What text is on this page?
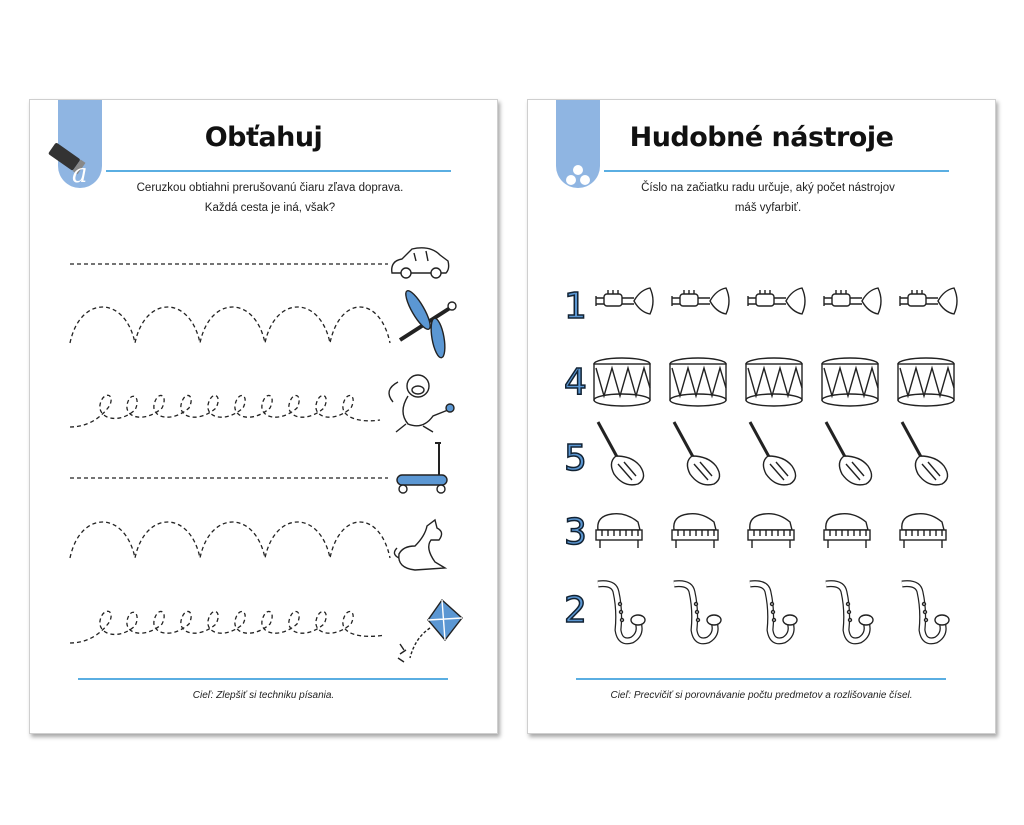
a
Obťahuj
Ceruzkou obtiahni prerušovanú čiaru zľava doprava.
Každá cesta je iná, však?
Cieľ: Zlepšiť si techniku písania.
Hudobné nástroje
Číslo na začiatku radu určuje, aký počet nástrojov
máš vyfarbiť.
1
4
5
3
2
Cieľ: Precvičiť si porovnávanie počtu predmetov a rozlišovanie čísel.
